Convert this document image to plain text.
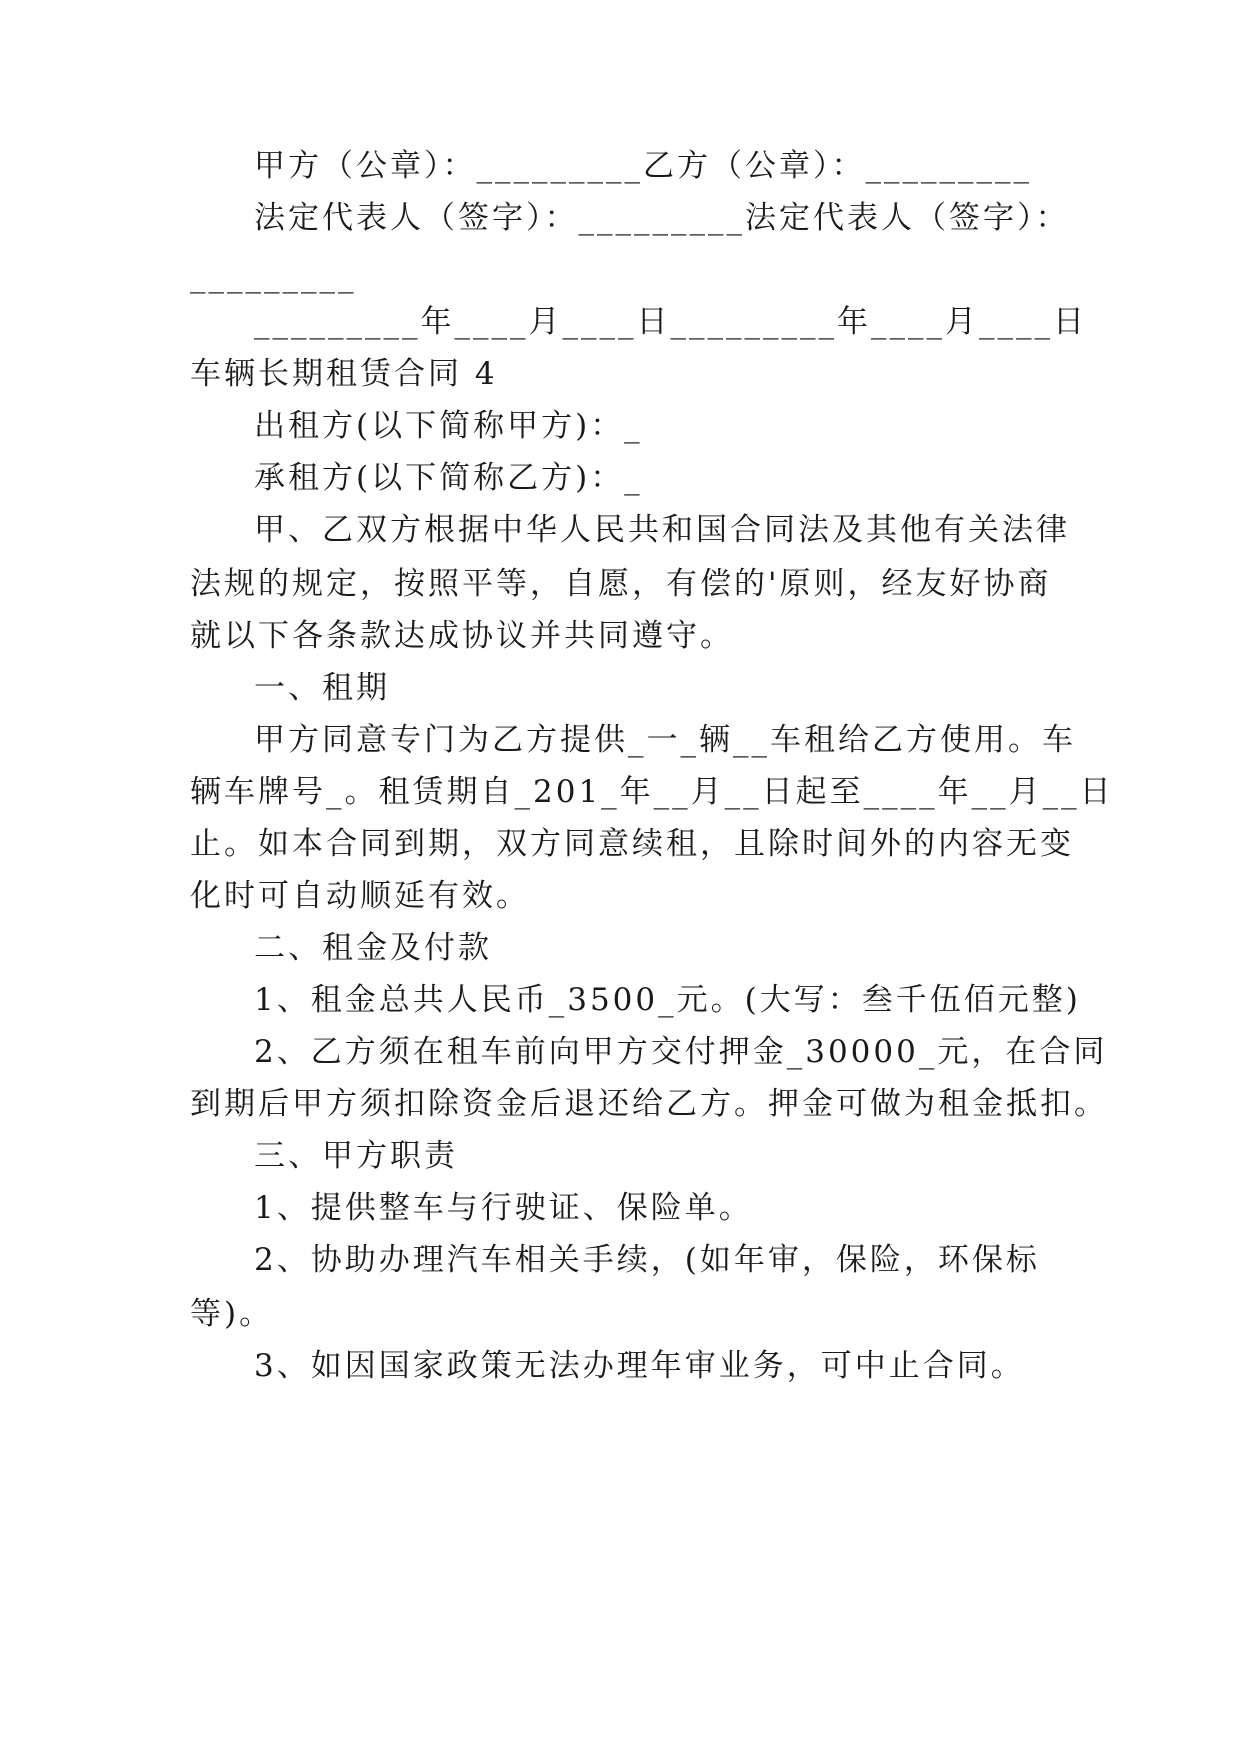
甲方（公章）：_________乙方（公章）：_________
法定代表人（签字）：_________法定代表人（签字）：
_________
_________年____月____日_________年____月____日
车辆长期租赁合同 4
出租方(以下简称甲方)：_
承租方(以下简称乙方)：_
甲、乙双方根据中华人民共和国合同法及其他有关法律
法规的规定，按照平等，自愿，有偿的'原则，经友好协商
就以下各条款达成协议并共同遵守。
一、租期
甲方同意专门为乙方提供_一_辆__车租给乙方使用。车
辆车牌号_。租赁期自_201_年__月__日起至____年__月__日
止。如本合同到期，双方同意续租，且除时间外的内容无变
化时可自动顺延有效。
二、租金及付款
1、租金总共人民币_3500_元。(大写：叁千伍佰元整)
2、乙方须在租车前向甲方交付押金_30000_元，在合同
到期后甲方须扣除资金后退还给乙方。押金可做为租金抵扣。
三、甲方职责
1、提供整车与行驶证、保险单。
2、协助办理汽车相关手续，(如年审，保险，环保标
等)。
3、如因国家政策无法办理年审业务，可中止合同。
